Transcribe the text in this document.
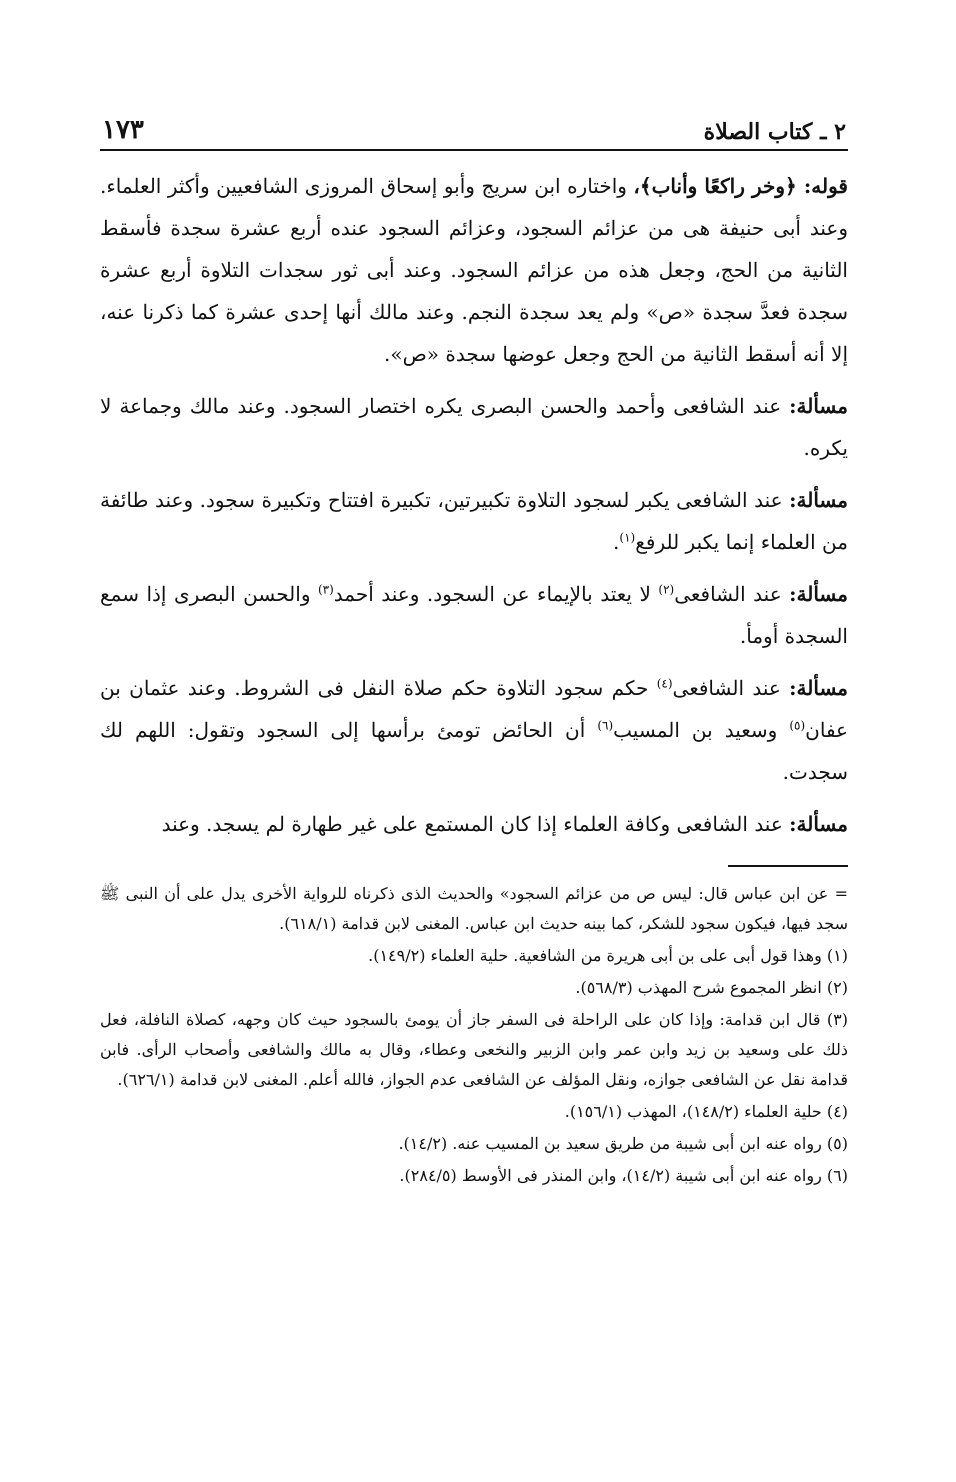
٢ ـ كتاب الصلاة
١٧٣

قوله: ﴿وخر راكعًا وأناب﴾، واختاره ابن سريج وأبو إسحاق المروزى الشافعيين وأكثر العلماء. وعند أبى حنيفة هى من عزائم السجود، وعزائم السجود عنده أربع عشرة سجدة فأسقط الثانية من الحج، وجعل هذه من عزائم السجود. وعند أبى ثور سجدات التلاوة أربع عشرة سجدة فعدَّ سجدة «ص» ولم يعد سجدة النجم. وعند مالك أنها إحدى عشرة كما ذكرنا عنه، إلا أنه أسقط الثانية من الحج وجعل عوضها سجدة «ص».

مسألة: عند الشافعى وأحمد والحسن البصرى يكره اختصار السجود. وعند مالك وجماعة لا يكره.

مسألة: عند الشافعى يكبر لسجود التلاوة تكبيرتين، تكبيرة افتتاح وتكبيرة سجود. وعند طائفة من العلماء إنما يكبر للرفع$^{(١)}$.

مسألة: عند الشافعى$^{(٢)}$ لا يعتد بالإيماء عن السجود. وعند أحمد$^{(٣)}$ والحسن البصرى إذا سمع السجدة أومأ.

مسألة: عند الشافعى$^{(٤)}$ حكم سجود التلاوة حكم صلاة النفل فى الشروط. وعند عثمان بن عفان$^{(٥)}$ وسعيد بن المسيب$^{(٦)}$ أن الحائض تومئ برأسها إلى السجود وتقول: اللهم لك سجدت.

مسألة: عند الشافعى وكافة العلماء إذا كان المستمع على غير طهارة لم يسجد. وعند

= عن ابن عباس قال: ليس ص من عزائم السجود» والحديث الذى ذكرناه للرواية الأخرى يدل على أن النبى ﷺ سجد فيها، فيكون سجود للشكر، كما بينه حديث ابن عباس. المغنى لابن قدامة (٦١٨/١).

(١) وهذا قول أبى على بن أبى هريرة من الشافعية. حلية العلماء (١٤٩/٢).

(٢) انظر المجموع شرح المهذب (٥٦٨/٣).

(٣) قال ابن قدامة: وإذا كان على الراحلة فى السفر جاز أن يومئ بالسجود حيث كان وجهه، كصلاة النافلة، فعل ذلك على وسعيد بن زيد وابن عمر وابن الزبير والنخعى وعطاء، وقال به مالك والشافعى وأصحاب الرأى. فابن قدامة نقل عن الشافعى جوازه، ونقل المؤلف عن الشافعى عدم الجواز، فالله أعلم. المغنى لابن قدامة (٦٢٦/١).

(٤) حلية العلماء (١٤٨/٢)، المهذب (١٥٦/١).

(٥) رواه عنه ابن أبى شيبة من طريق سعيد بن المسيب عنه. (١٤/٢).

(٦) رواه عنه ابن أبى شيبة (١٤/٢)، وابن المنذر فى الأوسط (٢٨٤/٥).
